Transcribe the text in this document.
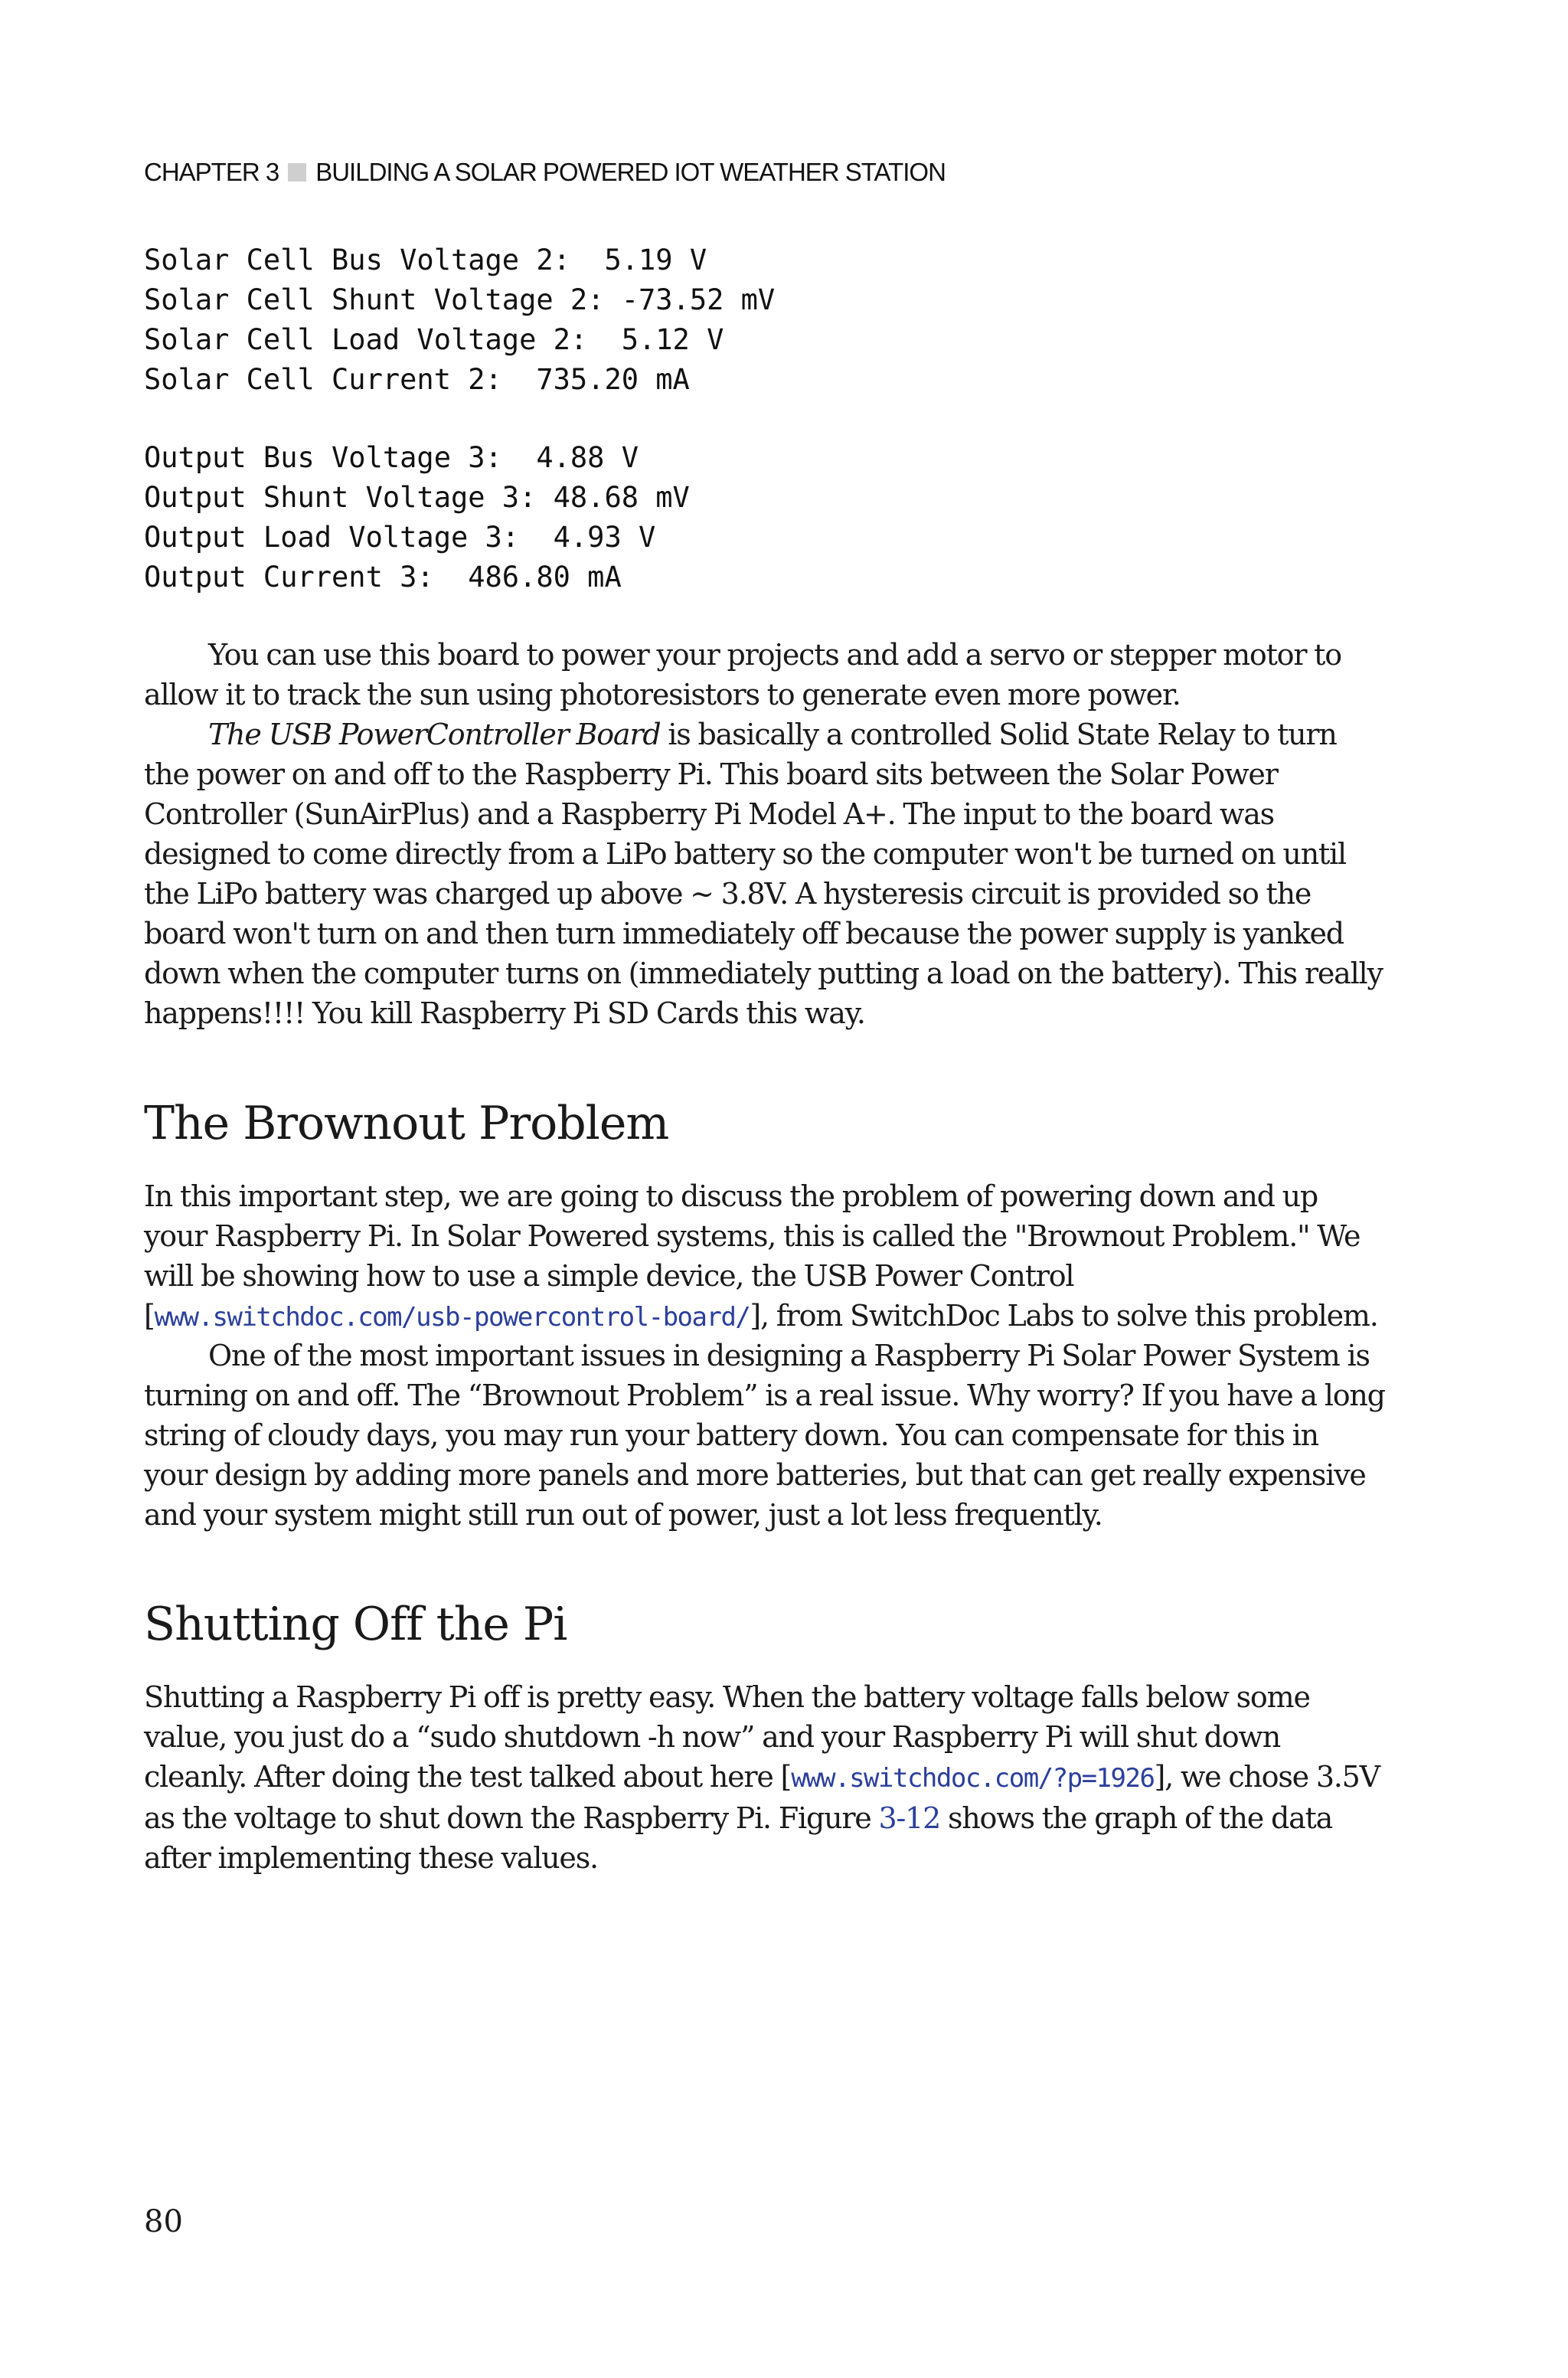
CHAPTER 3 BUILDING A SOLAR POWERED IOT WEATHER STATION
Solar Cell Bus Voltage 2:  5.19 V
Solar Cell Shunt Voltage 2: -73.52 mV
Solar Cell Load Voltage 2:  5.12 V
Solar Cell Current 2:  735.20 mA
Output Bus Voltage 3:  4.88 V
Output Shunt Voltage 3: 48.68 mV
Output Load Voltage 3:  4.93 V
Output Current 3:  486.80 mA

You can use this board to power your projects and add a servo or stepper motor to allow it to track the sun using photoresistors to generate even more power.

The USB PowerController Board is basically a controlled Solid State Relay to turn the power on and off to the Raspberry Pi. This board sits between the Solar Power Controller (SunAirPlus) and a Raspberry Pi Model A+. The input to the board was designed to come directly from a LiPo battery so the computer won't be turned on until the LiPo battery was charged up above ~ 3.8V. A hysteresis circuit is provided so the board won't turn on and then turn immediately off because the power supply is yanked down when the computer turns on (immediately putting a load on the battery). This really happens!!!! You kill Raspberry Pi SD Cards this way.

The Brownout Problem

In this important step, we are going to discuss the problem of powering down and up your Raspberry Pi. In Solar Powered systems, this is called the "Brownout Problem." We will be showing how to use a simple device, the USB Power Control [www.switchdoc.com/usb-powercontrol-board/], from SwitchDoc Labs to solve this problem.

One of the most important issues in designing a Raspberry Pi Solar Power System is turning on and off. The “Brownout Problem” is a real issue. Why worry? If you have a long string of cloudy days, you may run your battery down. You can compensate for this in your design by adding more panels and more batteries, but that can get really expensive and your system might still run out of power, just a lot less frequently.

Shutting Off the Pi

Shutting a Raspberry Pi off is pretty easy. When the battery voltage falls below some value, you just do a “sudo shutdown -h now” and your Raspberry Pi will shut down cleanly. After doing the test talked about here [www.switchdoc.com/?p=1926], we chose 3.5V as the voltage to shut down the Raspberry Pi. Figure 3-12 shows the graph of the data after implementing these values.

80
